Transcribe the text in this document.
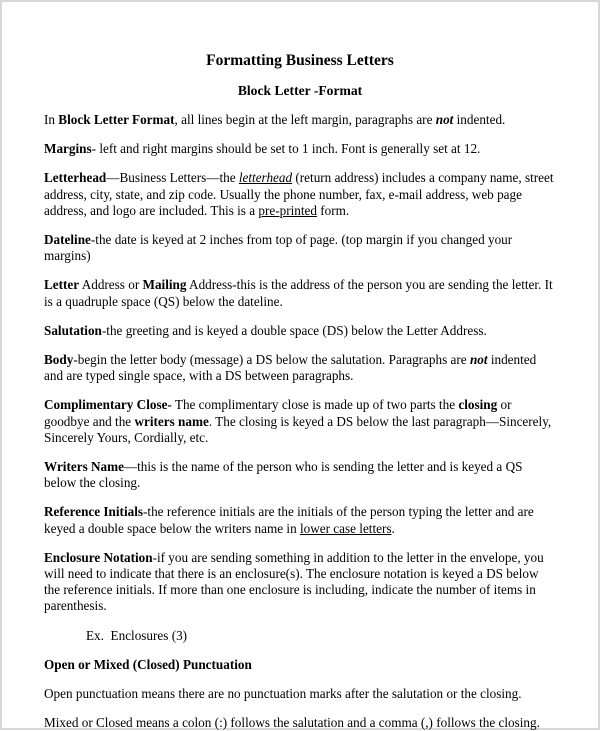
Formatting Business Letters
Block Letter -Format

In Block Letter Format, all lines begin at the left margin, paragraphs are not indented.

Margins- left and right margins should be set to 1 inch. Font is generally set at 12.

Letterhead—Business Letters—the letterhead (return address) includes a company name, street address, city, state, and zip code. Usually the phone number, fax, e-mail address, web page address, and logo are included. This is a pre-printed form.

Dateline-the date is keyed at 2 inches from top of page. (top margin if you changed your margins)

Letter Address or Mailing Address-this is the address of the person you are sending the letter. It is a quadruple space (QS) below the dateline.

Salutation-the greeting and is keyed a double space (DS) below the Letter Address.

Body-begin the letter body (message) a DS below the salutation. Paragraphs are not indented and are typed single space, with a DS between paragraphs.

Complimentary Close- The complimentary close is made up of two parts the closing or goodbye and the writers name. The closing is keyed a DS below the last paragraph—Sincerely, Sincerely Yours, Cordially, etc.

Writers Name—this is the name of the person who is sending the letter and is keyed a QS below the closing.

Reference Initials-the reference initials are the initials of the person typing the letter and are keyed a double space below the writers name in lower case letters.

Enclosure Notation-if you are sending something in addition to the letter in the envelope, you will need to indicate that there is an enclosure(s). The enclosure notation is keyed a DS below the reference initials. If more than one enclosure is including, indicate the number of items in parenthesis.

Ex.  Enclosures (3)

Open or Mixed (Closed) Punctuation

Open punctuation means there are no punctuation marks after the salutation or the closing.

Mixed or Closed means a colon (:) follows the salutation and a comma (,) follows the closing.
